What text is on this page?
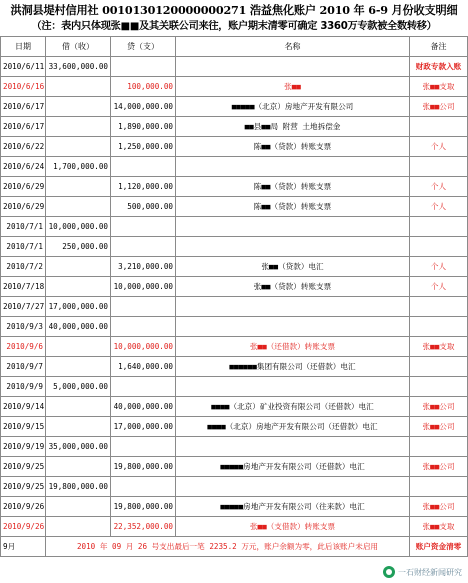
洪洞县堤村信用社 0010130120000000271 浩益焦化账户 2010 年 6-9 月份收支明细
（注：表内只体现张■■及其关联公司来往，账户期末清零可确定 3360万专款被全数转移）
日期	借（收）	贷（支）	名称	备注
2010/6/11	33,600,000.00			财政专款入账
2010/6/16		100,000.00	张■■	张■■支取
2010/6/17		14,000,000.00	■■■■■（北京）房地产开发有限公司	张■■公司
2010/6/17		1,890,000.00	■■县■■局 附营 土地拆偿金	
2010/6/22		1,250,000.00	陈■■（贷款）转账支票	个人
2010/6/24	1,700,000.00			
2010/6/29		1,120,000.00	陈■■（贷款）转账支票	个人
2010/6/29		500,000.00	陈■■（贷款）转账支票	个人
2010/7/1	10,000,000.00			
2010/7/1	250,000.00			
2010/7/2		3,210,000.00	张■■（贷款）电汇	个人
2010/7/18		10,000,000.00	张■■（贷款）转账支票	个人
2010/7/27	17,000,000.00			
2010/9/3	40,000,000.00			
2010/9/6		10,000,000.00	张■■（还借款）转账支票	张■■支取
2010/9/7		1,640,000.00	■■■■■■集团有限公司（还借款）电汇	
2010/9/9	5,000,000.00			
2010/9/14		40,000,000.00	■■■■（北京）矿业投资有限公司（还借款）电汇	张■■公司
2010/9/15		17,000,000.00	■■■■（北京）房地产开发有限公司（还借款）电汇	张■■公司
2010/9/19	35,000,000.00			
2010/9/25		19,800,000.00	■■■■■房地产开发有限公司（还借款）电汇	张■■公司
2010/9/25	19,800,000.00			
2010/9/26		19,800,000.00	■■■■■房地产开发有限公司（往来款）电汇	张■■公司
2010/9/26		22,352,000.00	张■■（支借款）转账支票	张■■支取
9月	2010 年 09 月 26 号支出最后一笔 2235.2 万元，账户余额为零，此后该账户未启用			账户资金清零
一石财经新闻研究
